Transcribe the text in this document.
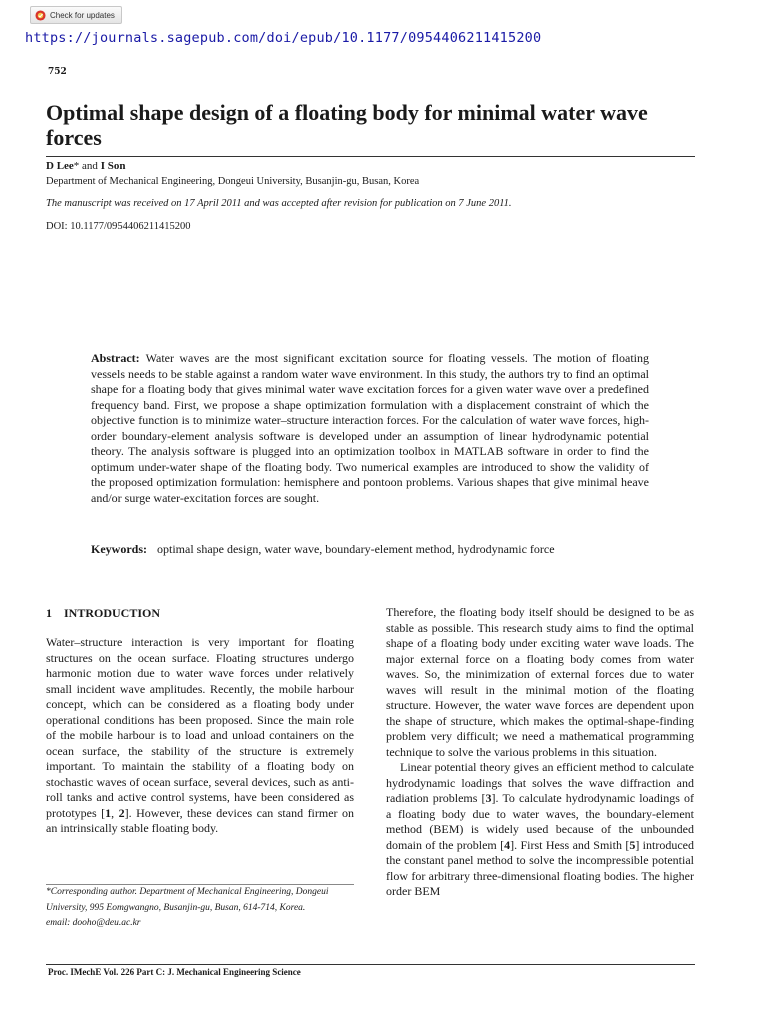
Check for updates
https://journals.sagepub.com/doi/epub/10.1177/0954406211415200
752
Optimal shape design of a floating body for minimal water wave forces
D Lee* and I Son
Department of Mechanical Engineering, Dongeui University, Busanjin-gu, Busan, Korea
The manuscript was received on 17 April 2011 and was accepted after revision for publication on 7 June 2011.
DOI: 10.1177/0954406211415200

Abstract: Water waves are the most significant excitation source for floating vessels. The motion of floating vessels needs to be stable against a random water wave environment. In this study, the authors try to find an optimal shape for a floating body that gives minimal water wave excitation forces for a given water wave over a predefined frequency band. First, we propose a shape optimization formulation with a displacement constraint of which the objective function is to minimize water–structure interaction forces. For the calculation of water wave forces, high-order boundary-element analysis software is developed under an assumption of linear hydrodynamic potential theory. The analysis software is plugged into an optimization toolbox in MATLAB software in order to find the optimum under-water shape of the floating body. Two numerical examples are introduced to show the validity of the proposed optimization formulation: hemisphere and pontoon problems. Various shapes that give minimal heave and/or surge water-excitation forces are sought.

Keywords: optimal shape design, water wave, boundary-element method, hydrodynamic force
1 INTRODUCTION

Water–structure interaction is very important for floating structures on the ocean surface. Floating structures undergo harmonic motion due to water wave forces under relatively small incident wave amplitudes. Recently, the mobile harbour concept, which can be considered as a floating body under operational conditions has been proposed. Since the main role of the mobile harbour is to load and unload containers on the ocean surface, the stability of the structure is extremely important. To maintain the stability of a floating body on stochastic waves of ocean surface, several devices, such as anti-roll tanks and active control systems, have been considered as prototypes [1, 2]. However, these devices can stand firmer on an intrinsically stable floating body.

*Corresponding author. Department of Mechanical Engineering, Dongeui University, 995 Eomgwangno, Busanjin-gu, Busan, 614-714, Korea.

email: dooho@deu.ac.kr

Therefore, the floating body itself should be designed to be as stable as possible. This research study aims to find the optimal shape of a floating body under exciting water wave loads. The major external force on a floating body comes from water waves. So, the minimization of external forces due to water waves will result in the minimal motion of the floating structure. However, the water wave forces are dependent upon the shape of structure, which makes the optimal-shape-finding problem very difficult; we need a mathematical programming technique to solve the various problems in this situation.

Linear potential theory gives an efficient method to calculate hydrodynamic loadings that solves the wave diffraction and radiation problems [3]. To calculate hydrodynamic loadings of a floating body due to water waves, the boundary-element method (BEM) is widely used because of the unbounded domain of the problem [4]. First Hess and Smith [5] introduced the constant panel method to solve the incompressible potential flow for arbitrary three-dimensional floating bodies. The higher order BEM

Proc. IMechE Vol. 226 Part C: J. Mechanical Engineering Science
